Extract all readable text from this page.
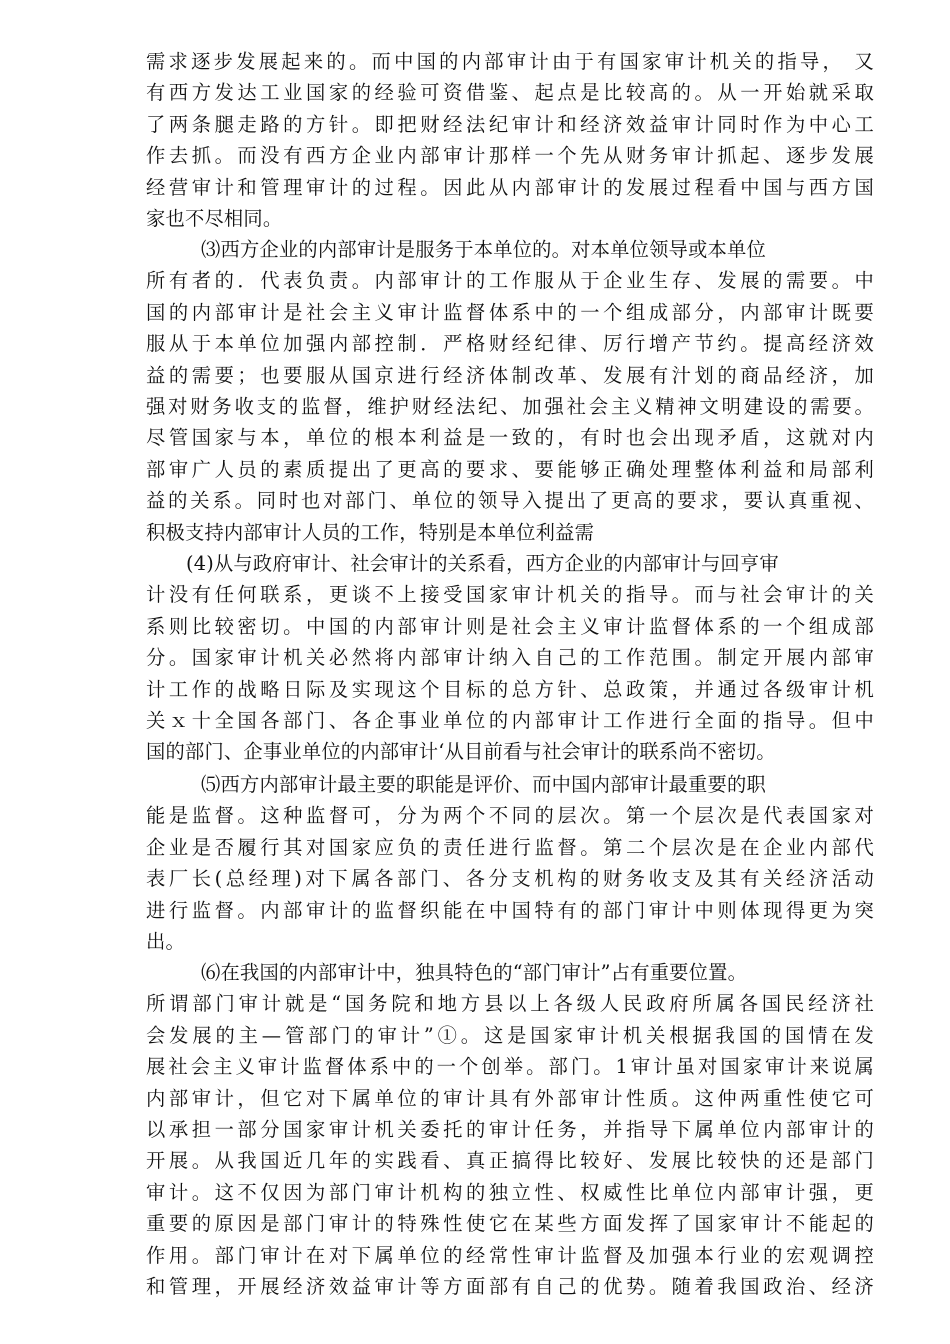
需求逐步发展起来的。而中国的内部审计由于有国家审计机关的指导， 又
有西方发达工业国家的经验可资借鉴、起点是比较高的。从一开始就采取
了两条腿走路的方针。即把财经法纪审计和经济效益审计同时作为中心工
作去抓。而没有西方企业内部审计那样一个先从财务审计抓起、逐步发展
经营审计和管理审计的过程。因此从内部审计的发展过程看中国与西方国
家也不尽相同。
⑶西方企业的内部审计是服务于本单位的。对本单位领导或本单位
所有者的．代表负责。内部审计的工作服从于企业生存、发展的需要。中
国的内部审计是社会主义审计监督体系中的一个组成部分，内部审计既要
服从于本单位加强内部控制．严格财经纪律、厉行增产节约。提高经济效
益的需要；也要服从国京进行经济体制改革、发展有汁划的商品经济，加
强对财务收支的监督，维护财经法纪、加强社会主义精神文明建设的需要。
尽管国家与本，单位的根本利益是一致的，有时也会出现矛盾，这就对内
部审广人员的素质提出了更高的要求、要能够正确处理整体利益和局部利
益的关系。同时也对部门、单位的领导入提出了更高的要求，要认真重视、
积极支持内部审计人员的工作，特别是本单位利益需
(4)从与政府审计、社会审计的关系看，西方企业的内部审计与回亨审
计没有任何联系，更谈不上接受国家审计机关的指导。而与社会审计的关
系则比较密切。中国的内部审计则是社会主义审计监督体系的一个组成部
分。国家审计机关必然将内部审计纳入自己的工作范围。制定开展内部审
计工作的战略日际及实现这个目标的总方针、总政策，并通过各级审计机
关ｘ十全国各部门、各企事业单位的内部审计工作进行全面的指导。但中
国的部门、企事业单位的内部审计‘从目前看与社会审计的联系尚不密切。
⑸西方内部审计最主要的职能是评价、而中国内部审计最重要的职
能是监督。这种监督可，分为两个不同的层次。第一个层次是代表国家对
企业是否履行其对国家应负的责任进行监督。第二个层次是在企业内部代
表厂长(总经理)对下属各部门、各分支机构的财务收支及其有关经济活动
进行监督。内部审计的监督织能在中国特有的部门审计中则体现得更为突
出。
⑹在我国的内部审计中，独具特色的“部门审计”占有重要位置。
所谓部门审计就是“国务院和地方县以上各级人民政府所属各国民经济社
会发展的主—管部门的审计”①。这是国家审计机关根据我国的国情在发
展社会主义审计监督体系中的一个创举。部门。1审计虽对国家审计来说属
内部审计，但它对下属单位的审计具有外部审计性质。这仲两重性使它可
以承担一部分国家审计机关委托的审计任务，并指导下属单位内部审计的
开展。从我国近几年的实践看、真正搞得比较好、发展比较快的还是部门
审计。这不仅因为部门审计机构的独立性、权威性比单位内部审计强，更
重要的原因是部门审计的特殊性使它在某些方面发挥了国家审计不能起的
作用。部门审计在对下属单位的经常性审计监督及加强本行业的宏观调控
和管理，开展经济效益审计等方面部有自己的优势。随着我国政治、经济
